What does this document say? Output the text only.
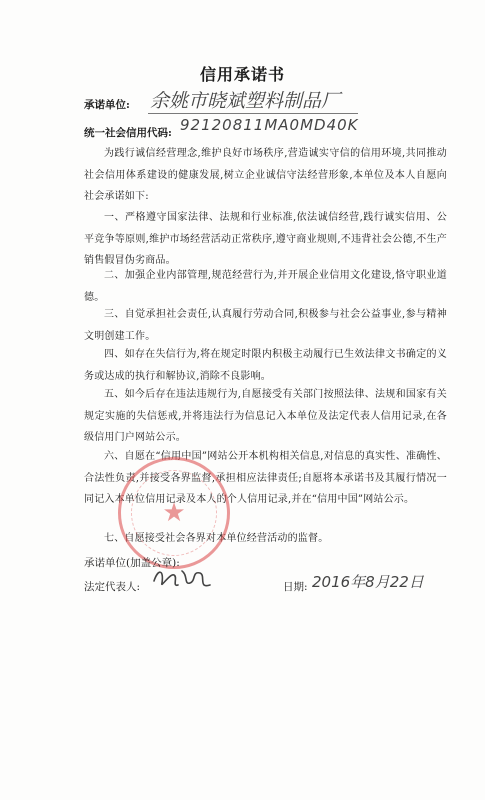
信用承诺书
承诺单位: 余姚市晓斌塑料制品厂
统一社会信用代码: 92120811MA0MD40K
为践行诚信经营理念,维护良好市场秩序,营造诚实守信的信用环境,共同推动社会信用体系建设的健康发展,树立企业诚信守法经营形象,本单位及本人自愿向社会承诺如下:
一、严格遵守国家法律、法规和行业标准,依法诚信经营,践行诚实信用、公平竞争等原则,维护市场经营活动正常秩序,遵守商业规则,不违背社会公德,不生产销售假冒伪劣商品。
二、加强企业内部管理,规范经营行为,并开展企业信用文化建设,恪守职业道德。
三、自觉承担社会责任,认真履行劳动合同,积极参与社会公益事业,参与精神文明创建工作。
四、如存在失信行为,将在规定时限内积极主动履行已生效法律文书确定的义务或达成的执行和解协议,消除不良影响。
五、如今后存在违法违规行为,自愿接受有关部门按照法律、法规和国家有关规定实施的失信惩戒,并将违法行为信息记入本单位及法定代表人信用记录,在各级信用门户网站公示。
六、自愿在“信用中国”网站公开本机构相关信息,对信息的真实性、准确性、合法性负责,并接受各界监督,承担相应法律责任;自愿将本承诺书及其履行情况一同记入本单位信用记录及本人的个人信用记录,并在“信用中国”网站公示。
七、自愿接受社会各界对本单位经营活动的监督。
★
承诺单位(加盖公章):
法定代表人:	日期: 2016年8月22日
